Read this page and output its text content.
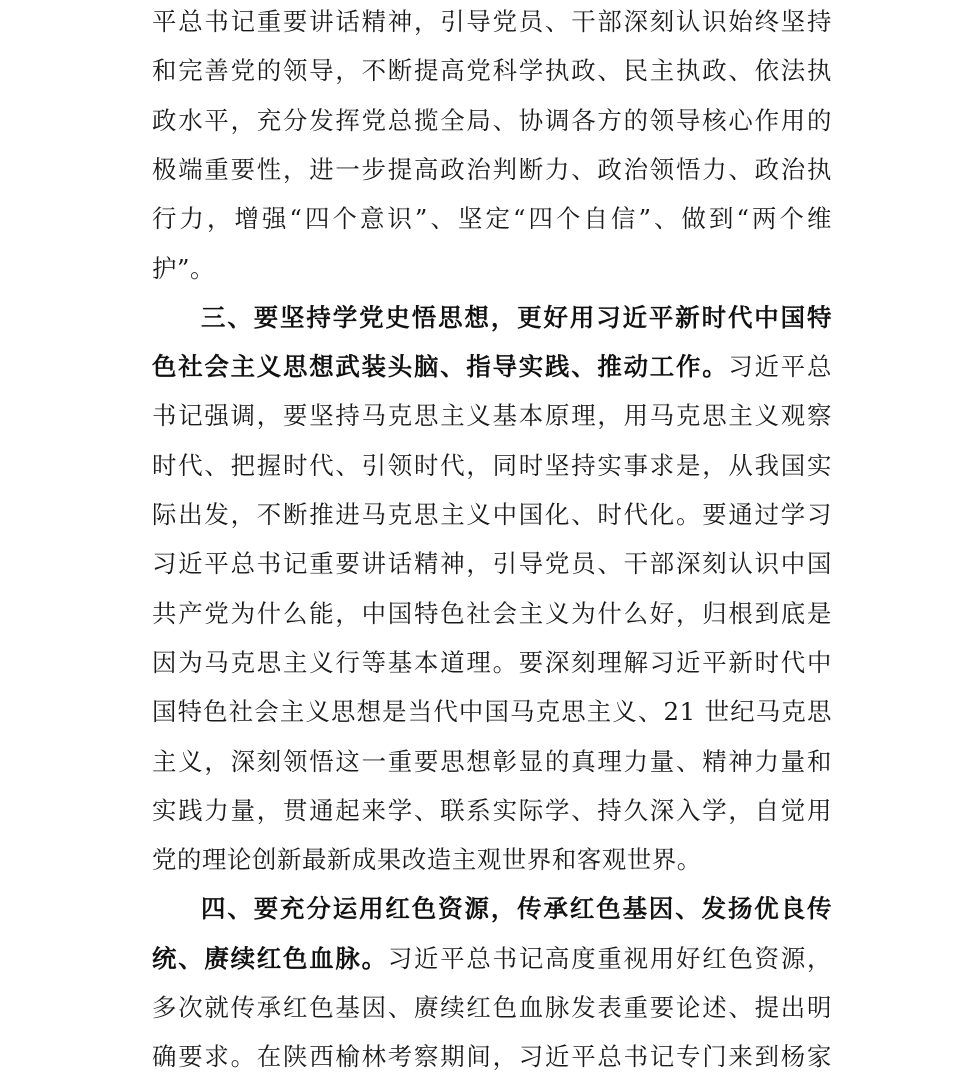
平总书记重要讲话精神，引导党员、干部深刻认识始终坚持
和完善党的领导，不断提高党科学执政、民主执政、依法执
政水平，充分发挥党总揽全局、协调各方的领导核心作用的
极端重要性，进一步提高政治判断力、政治领悟力、政治执
行力，增强“四个意识”、坚定“四个自信”、做到“两个维
护”。
三、要坚持学党史悟思想，更好用习近平新时代中国特
色社会主义思想武装头脑、指导实践、推动工作。习近平总
书记强调，要坚持马克思主义基本原理，用马克思主义观察
时代、把握时代、引领时代，同时坚持实事求是，从我国实
际出发，不断推进马克思主义中国化、时代化。要通过学习
习近平总书记重要讲话精神，引导党员、干部深刻认识中国
共产党为什么能，中国特色社会主义为什么好，归根到底是
因为马克思主义行等基本道理。要深刻理解习近平新时代中
国特色社会主义思想是当代中国马克思主义、21 世纪马克思
主义，深刻领悟这一重要思想彰显的真理力量、精神力量和
实践力量，贯通起来学、联系实际学、持久深入学，自觉用
党的理论创新最新成果改造主观世界和客观世界。
四、要充分运用红色资源，传承红色基因、发扬优良传
统、赓续红色血脉。习近平总书记高度重视用好红色资源，
多次就传承红色基因、赓续红色血脉发表重要论述、提出明
确要求。在陕西榆林考察期间，习近平总书记专门来到杨家
